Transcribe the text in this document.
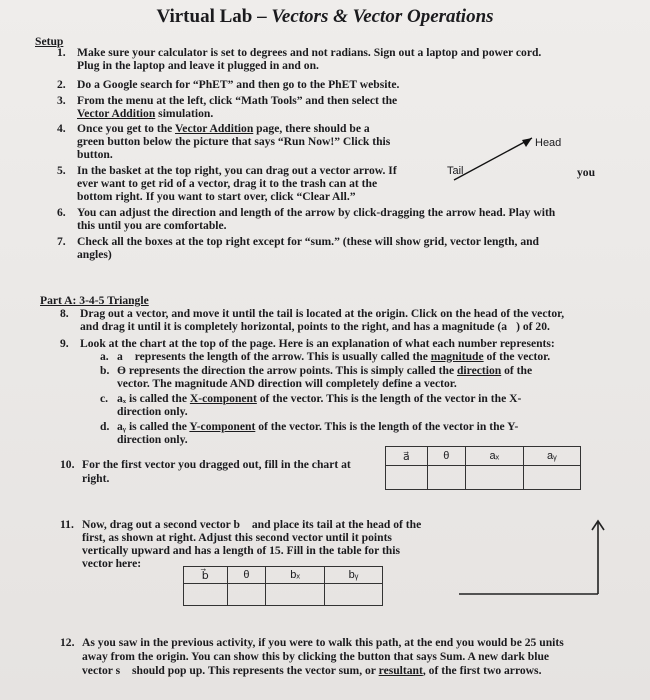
Virtual Lab – Vectors & Vector Operations
Setup
1. Make sure your calculator is set to degrees and not radians. Sign out a laptop and power cord.
Plug in the laptop and leave it plugged in and on.
2. Do a Google search for “PhET” and then go to the PhET website.
3. From the menu at the left, click “Math Tools” and then select the
Vector Addition simulation.
4. Once you get to the Vector Addition page, there should be a
green button below the picture that says “Run Now!” Click this
button.
5. In the basket at the top right, you can drag out a vector arrow. If
ever want to get rid of a vector, drag it to the trash can at the
bottom right. If you want to start over, click “Clear All.”
6. You can adjust the direction and length of the arrow by click-dragging the arrow head. Play with
this until you are comfortable.
7. Check all the boxes at the top right except for “sum.” (these will show grid, vector length, and
angles)
Head
Tail	you
Part A: 3-4-5 Triangle
8. Drag out a vector, and move it until the tail is located at the origin. Click on the head of the vector,
and drag it until it is completely horizontal, points to the right, and has a magnitude (a⃗) of 20.
9. Look at the chart at the top of the page. Here is an explanation of what each number represents:
a. a⃗ represents the length of the arrow. This is usually called the magnitude of the vector.
b. ϴ represents the direction the arrow points. This is simply called the direction of the
vector. The magnitude AND direction will completely define a vector.
c. aₓ is called the X-component of the vector. This is the length of the vector in the X-
direction only.
d. aᵧ is called the Y-component of the vector. This is the length of the vector in the Y-
direction only.
10. For the first vector you dragged out, fill in the chart at
right.
a⃗	θ	aₓ	aᵧ

11. Now, drag out a second vector b⃗ and place its tail at the head of the
first, as shown at right. Adjust this second vector until it points
vertically upward and has a length of 15. Fill in the table for this
vector here:
b⃗	θ	bₓ	bᵧ

12. As you saw in the previous activity, if you were to walk this path, at the end you would be 25 units
away from the origin. You can show this by clicking the button that says Sum. A new dark blue
vector s⃗ should pop up. This represents the vector sum, or resultant, of the first two arrows.
